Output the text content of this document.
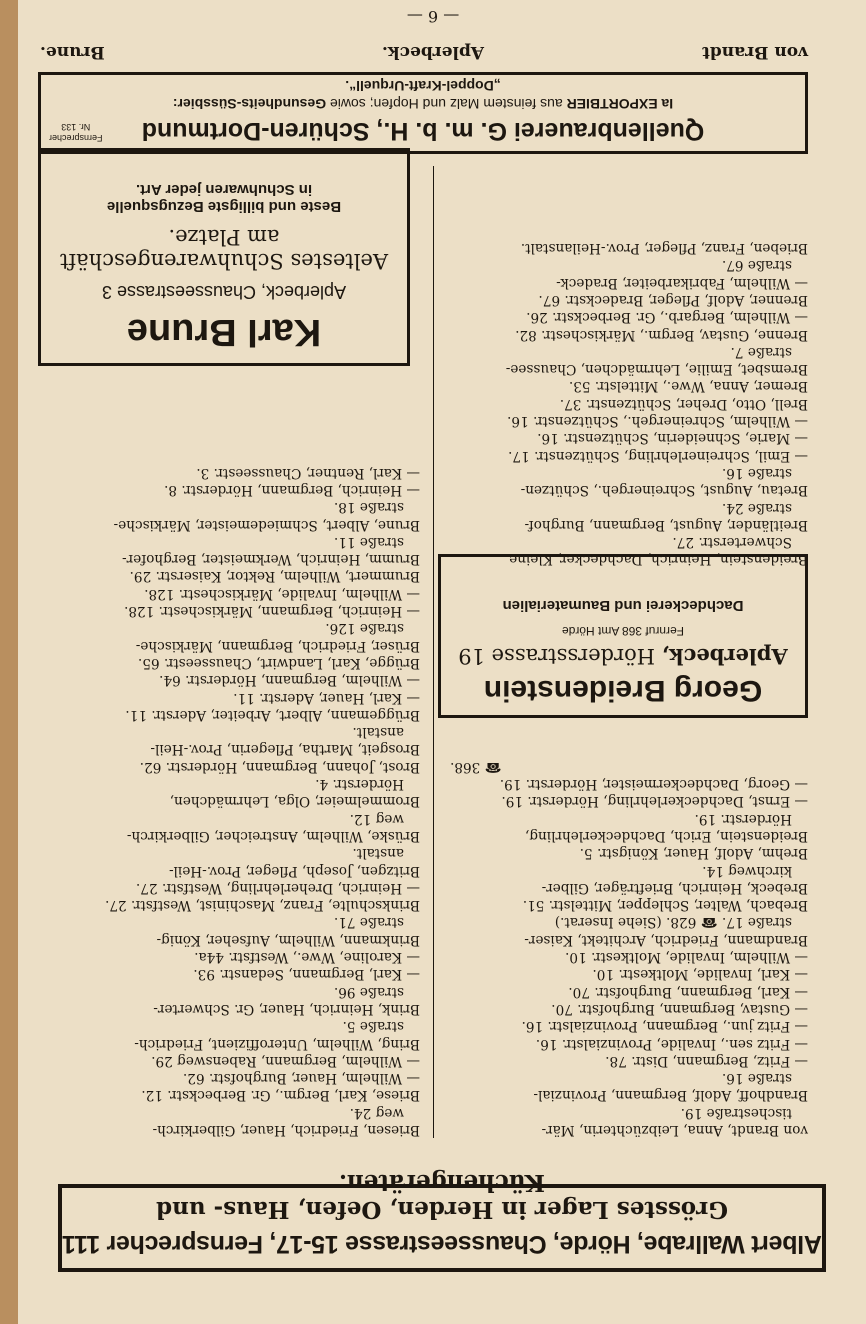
von Brandt
Aplerbeck.
Brune.
Quellenbrauerei G. m. b. H., Schüren-Dortmund
Fernsprecher
Nr. 133
Ia EXPORTBIER aus feinstem Malz und Hopfen; sowie Gesundheits-Süssbier:
„Doppel-Kraft-Urquell“.
von Brandt, Anna, Leibzüchterin, Mär-
tischestraße 19.
Brandhoff, Adolf, Bergmann, Provinzial-
straße 16.
— Fritz, Bergmann, Distr. 78.
— Fritz sen., Invalide, Provinzialstr. 16.
— Fritz jun., Bergmann, Provinzialstr. 16.
— Gustav, Bergmann, Burghofstr. 70.
— Karl, Bergmann, Burghofstr. 70.
— Karl, Invalide, Moltkestr. 10.
— Wilhelm, Invalide, Moltkestr. 10.
Brandmann, Friedrich, Architekt, Kaiser-
straße 17. ☎ 628. (Siehe Inserat.)
Brebach, Walter, Schlepper, Mittelstr. 51.
Brebeck, Heinrich, Briefträger, Gilber-
kirchweg 14.
Brehm, Adolf, Hauer, Königstr. 5.
Breidenstein, Erich, Dachdeckerlehrling,
Hörderstr. 19.
— Ernst, Dachdeckerlehrling, Hörderstr. 19.
— Georg, Dachdeckermeister, Hörderstr. 19.
☎ 368.
Breidenstein, Heinrich, Dachdecker, Kleine
Schwerterstr. 27.
Breitländer, August, Bergmann, Burghof-
straße 24.
Bretau, August, Schreinergeh., Schützen-
straße 16.
— Emil, Schreinerlehrling, Schützenstr. 17.
— Marie, Schneiderin, Schützenstr. 16.
— Wilhelm, Schreinergeh., Schützenstr. 16.
Brell, Otto, Dreher, Schützenstr. 37.
Bremer, Anna, Wwe., Mittelstr. 53.
Bremsbet, Emilie, Lehrmädchen, Chaussee-
straße 7.
Brenne, Gustav, Bergm., Märkischestr. 82.
— Wilhelm, Bergarb., Gr. Berbeckstr. 26.
Brenner, Adolf, Pfleger, Bradeckstr. 67.
— Wilhelm, Fabrikarbeiter, Bradeck-
straße 67.
Brieben, Franz, Pfleger, Prov.-Heilanstalt.
Briesen, Friedrich, Hauer, Gilberkirch-
weg 24.
Briese, Karl, Bergm., Gr. Berbeckstr. 12.
— Wilhelm, Hauer, Burghofstr. 62.
— Wilhelm, Bergmann, Rabensweg 29.
Bring, Wilhelm, Unteroffizient, Friedrich-
straße 5.
Brink, Heinrich, Hauer, Gr. Schwerter-
straße 96.
— Karl, Bergmann, Sedanstr. 93.
— Karoline, Wwe., Westfstr. 44a.
Brinkmann, Wilhelm, Aufseher, König-
straße 71.
Brinkschulte, Franz, Maschinist, Westfstr. 27.
— Heinrich, Dreherlehrling, Westfstr. 27.
Britzgen, Joseph, Pfleger, Prov.-Heil-
anstalt.
Brüske, Wilhelm, Anstreicher, Gilberkirch-
weg 12.
Brommelmeier, Olga, Lehrmädchen,
Hörderstr. 4.
Brost, Johann, Bergmann, Hörderstr. 62.
Brosgeit, Martha, Pflegerin, Prov.-Heil-
anstalt.
Brüggemann, Albert, Arbeiter, Aderstr. 11.
— Karl, Hauer, Aderstr. 11.
— Wilhelm, Bergmann, Hörderstr. 64.
Brügge, Karl, Landwirt, Chausseestr. 65.
Brüser, Friedrich, Bergmann, Märkische-
straße 126.
— Heinrich, Bergmann, Märkischestr. 128.
— Wilhelm, Invalide, Märkischestr. 128.
Brummert, Wilhelm, Rektor, Kaiserstr. 29.
Brumm, Heinrich, Werkmeister, Berghofer-
straße 11.
Brune, Albert, Schmiedemeister, Märkische-
straße 18.
— Heinrich, Bergmann, Hörderstr. 8.
— Karl, Rentner, Chausseestr. 3.
Georg Breidenstein
Aplerbeck, Hördersstrasse 19
Fernruf 368 Amt Hörde
Dachdeckerei und Baumaterialien
Karl Brune
Aplerbeck, Chausseestrasse 3
Aeltestes Schuhwarengeschäft
am Platze.
Beste und billigste Bezugsquelle
in Schuhwaren jeder Art.
Albert Wallrabe, Hörde, Chausseestrasse 15-17, Fernsprecher 111
Grösstes Lager in Herden, Oefen, Haus- und Küchengeräten.
— 6 —
